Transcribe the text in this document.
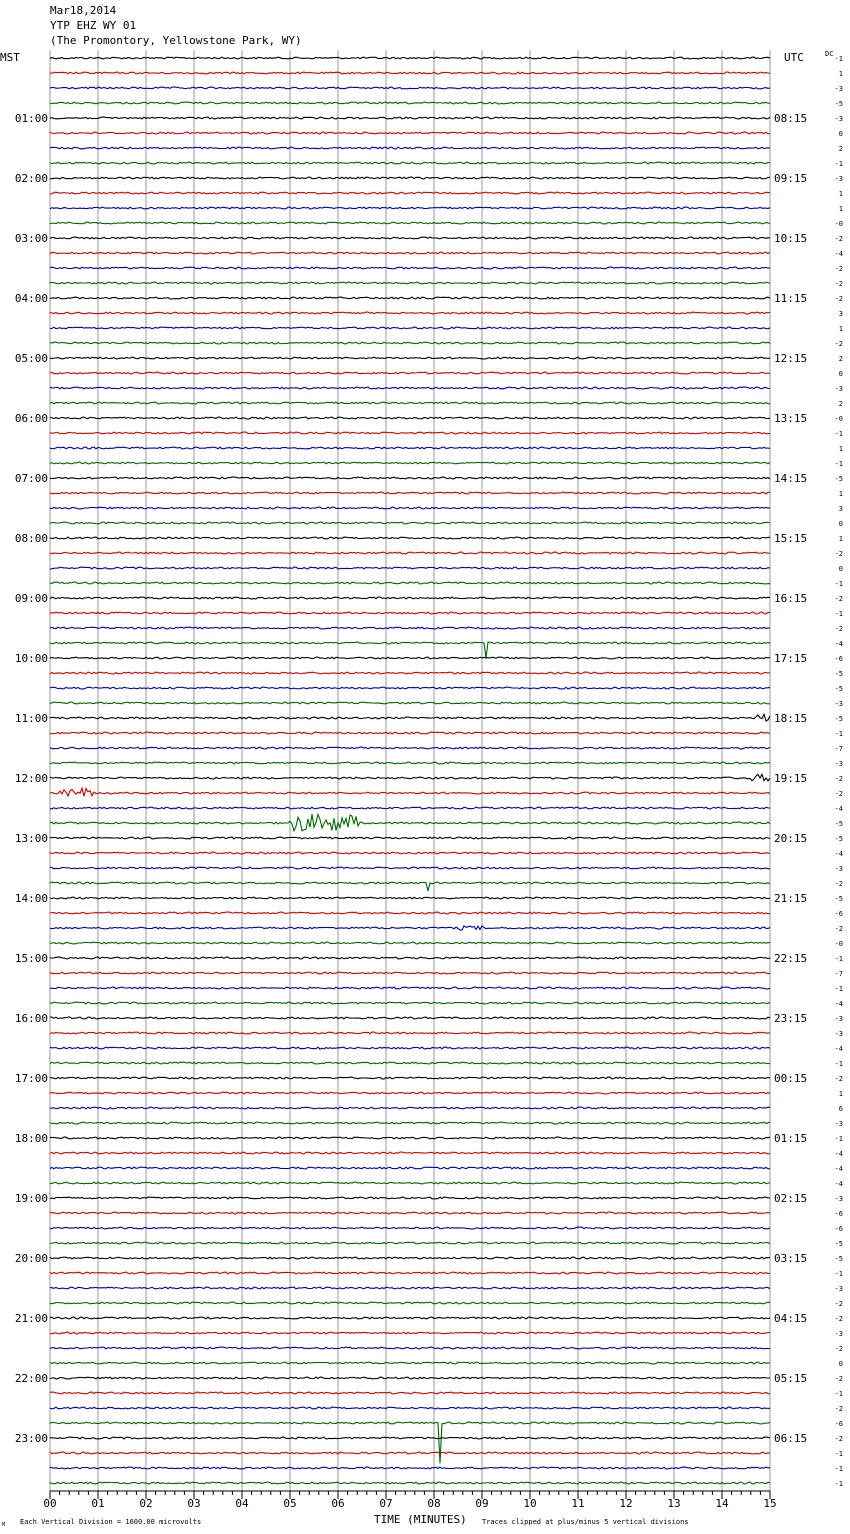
Mar18,2014
YTP EHZ WY 01
(The Promontory, Yellowstone Park, WY)
00	01	02	03	04	05	06	07	08	09	10	11	12	13	14	15
-1
1
-3
-5
-3
0
2
-1
-3
1
1
-0
-2
-4
-2
-2
-2
3
1
-2
2
0
-3
2
-0
-1
1
-1
-5
1
3
0
1
-2
0
-1
-2
-1
-2
-4
-6
-5
-5
-3
-5
-1
-7
-3
-2
-2
-4
-5
-5
-4
-3
-2
-5
-6
-2
-0
-1
-7
-1
-4
-3
-3
-4
-1
-2
1
6
-3
-1
-4
-4
-4
-3
-6
-6
-5
-5
-1
-3
-2
-2
-3
-2
0
-2
-1
-2
-6
-2
-1
-1
-1
01:00
02:00
03:00
04:00
05:00
06:00
07:00
08:00
09:00
10:00
11:00
12:00
13:00
14:00
15:00
16:00
17:00
18:00
19:00
20:00
21:00
22:00
23:00
08:15
09:15
10:15
11:15
12:15
13:15
14:15
15:15
16:15
17:15
18:15
19:15
20:15
21:15
22:15
23:15
00:15
01:15
02:15
03:15
04:15
05:15
06:15
MST	UTC	DC
TIME (MINUTES)
Each Vertical Division = 1600.00 microvolts	Traces clipped at plus/minus 5 vertical divisions
M
